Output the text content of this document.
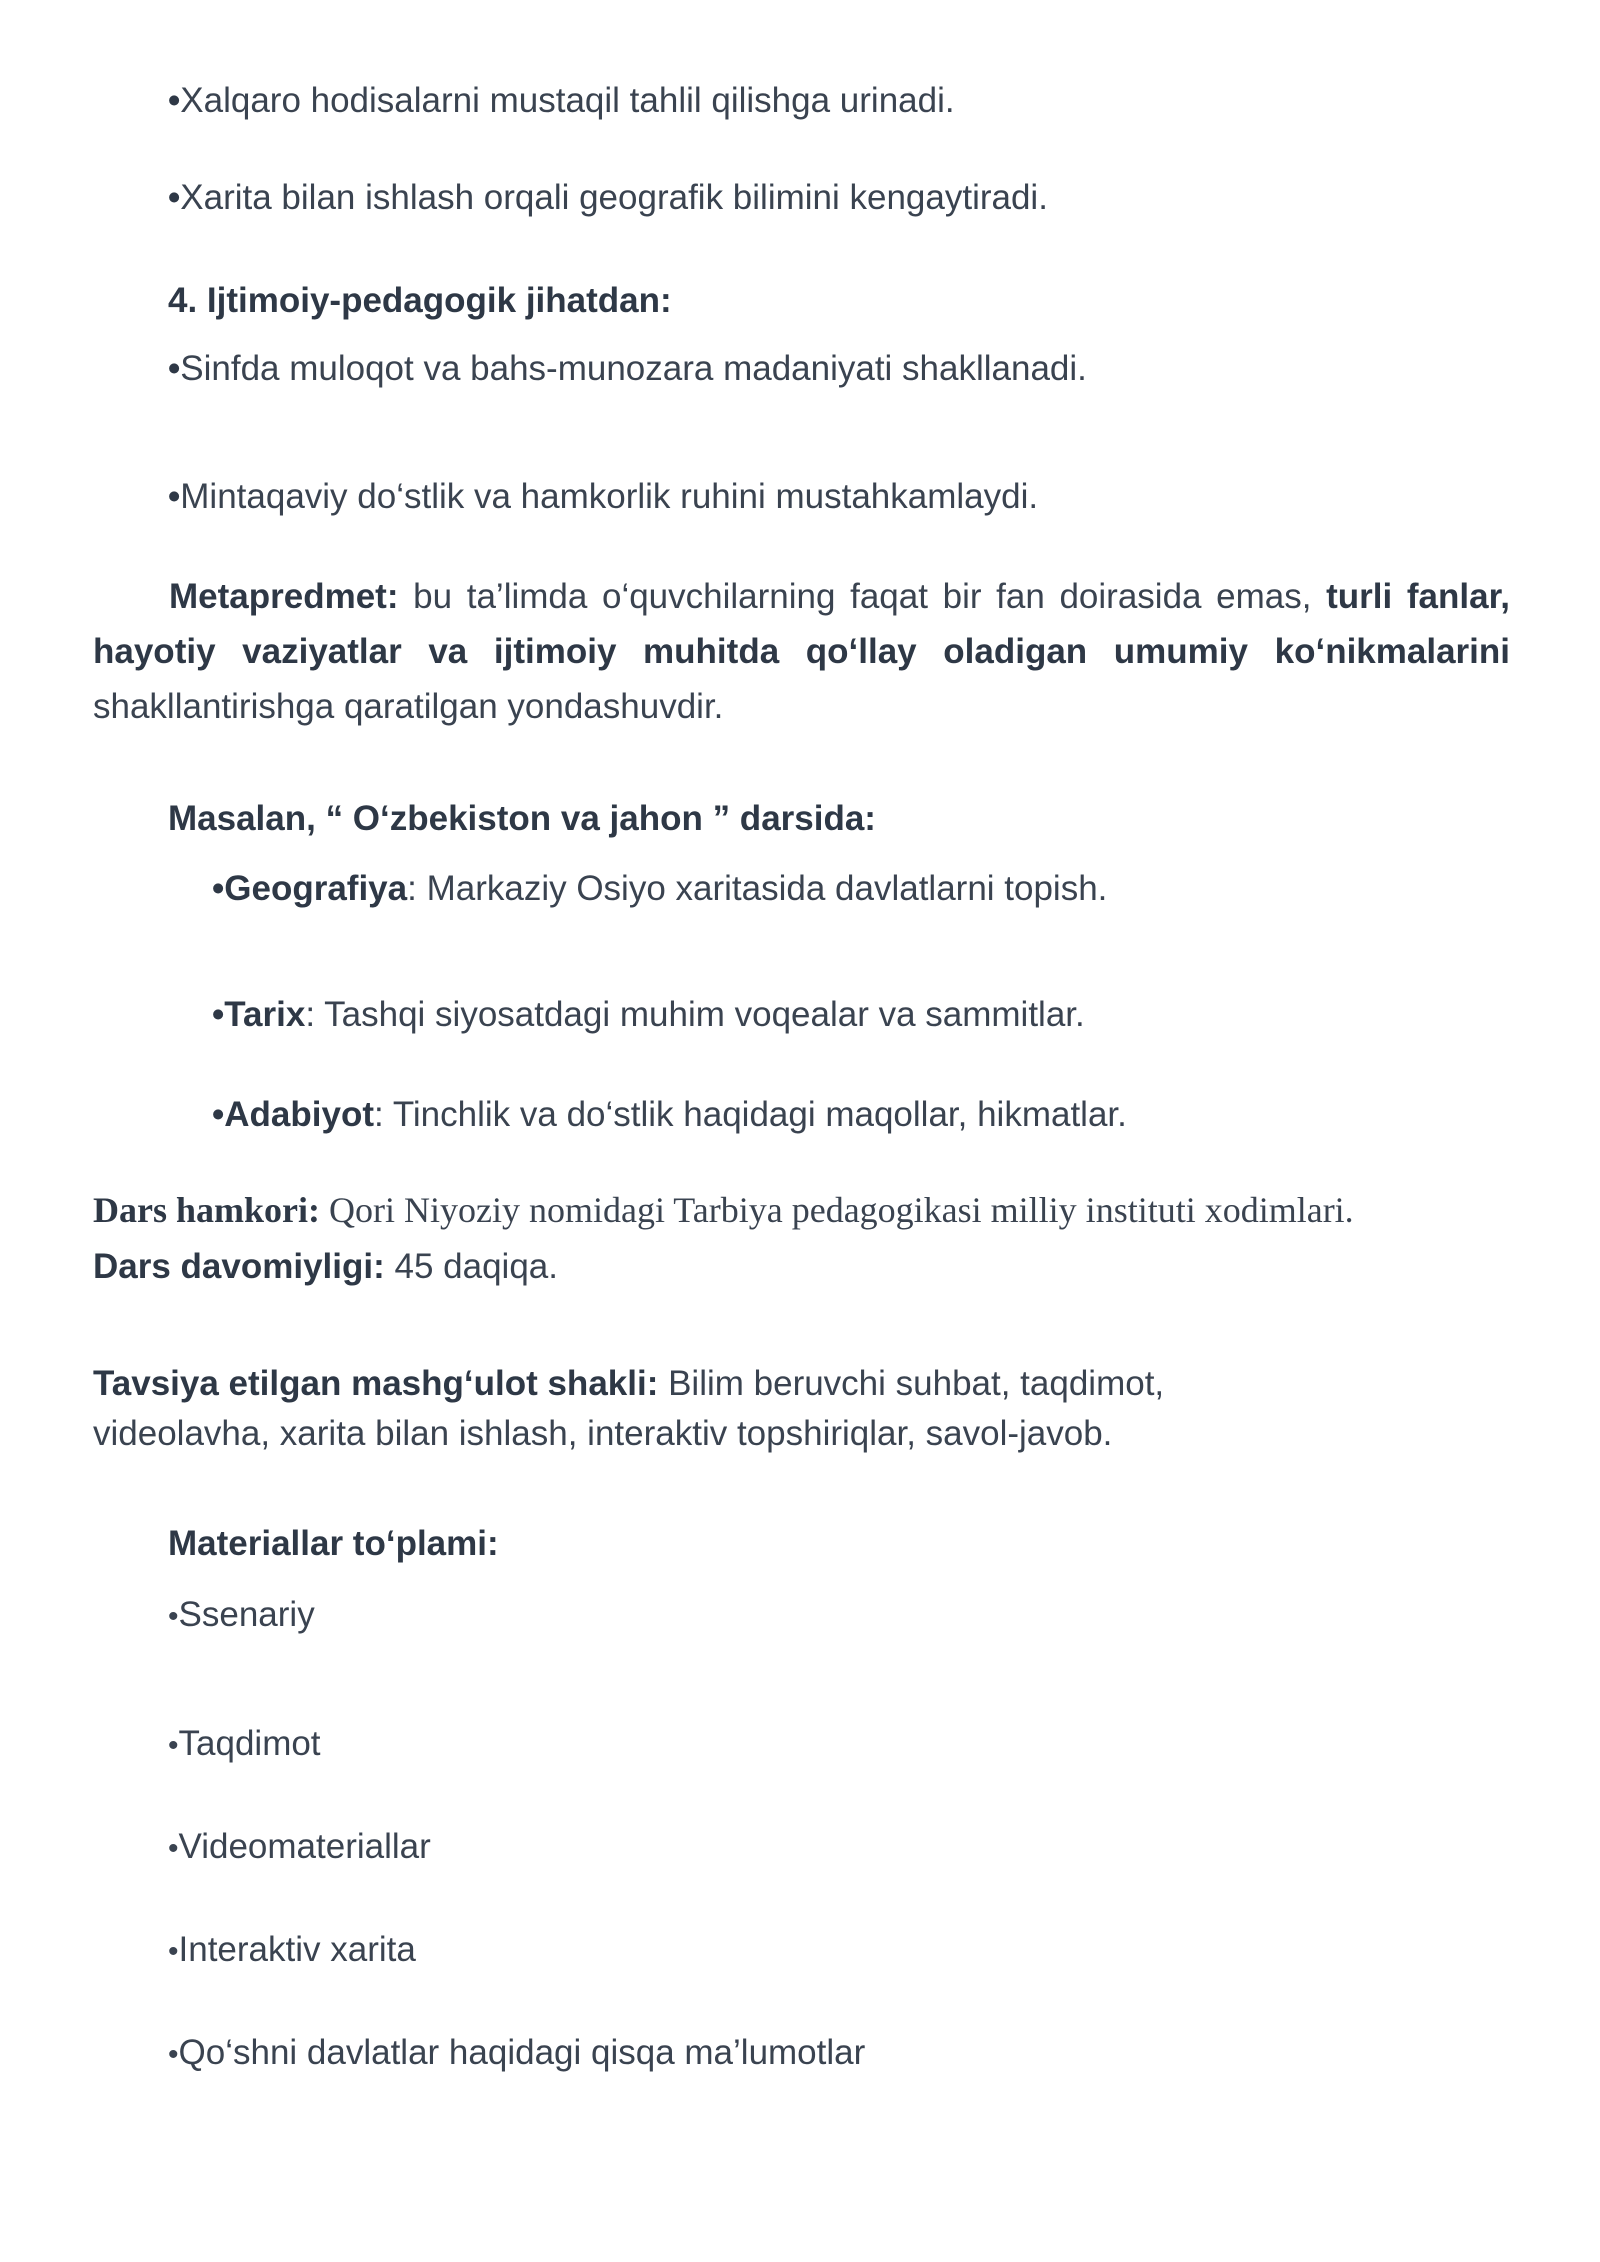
•Xalqaro hodisalarni mustaqil tahlil qilishga urinadi.
•Xarita bilan ishlash orqali geografik bilimini kengaytiradi.
4. Ijtimoiy-pedagogik jihatdan:
•Sinfda muloqot va bahs-munozara madaniyati shakllanadi.
•Mintaqaviy do‘stlik va hamkorlik ruhini mustahkamlaydi.
Metapredmet: bu ta’limda o‘quvchilarning faqat bir fan doirasida emas, turli fanlar, hayotiy vaziyatlar va ijtimoiy muhitda qo‘llay oladigan umumiy ko‘nikmalarini shakllantirishga qaratilgan yondashuvdir.
Masalan, “ O‘zbekiston va jahon ” darsida:
•Geografiya: Markaziy Osiyo xaritasida davlatlarni topish.
•Tarix: Tashqi siyosatdagi muhim voqealar va sammitlar.
•Adabiyot: Tinchlik va do‘stlik haqidagi maqollar, hikmatlar.
Dars hamkori: Qori Niyoziy nomidagi Tarbiya pedagogikasi milliy instituti xodimlari.
Dars davomiyligi: 45 daqiqa.
Tavsiya etilgan mashg‘ulot shakli: Bilim beruvchi suhbat, taqdimot,
videolavha, xarita bilan ishlash, interaktiv topshiriqlar, savol-javob.
Materiallar to‘plami:
•Ssenariy
•Taqdimot
•Videomateriallar
•Interaktiv xarita
•Qo‘shni davlatlar haqidagi qisqa ma’lumotlar
